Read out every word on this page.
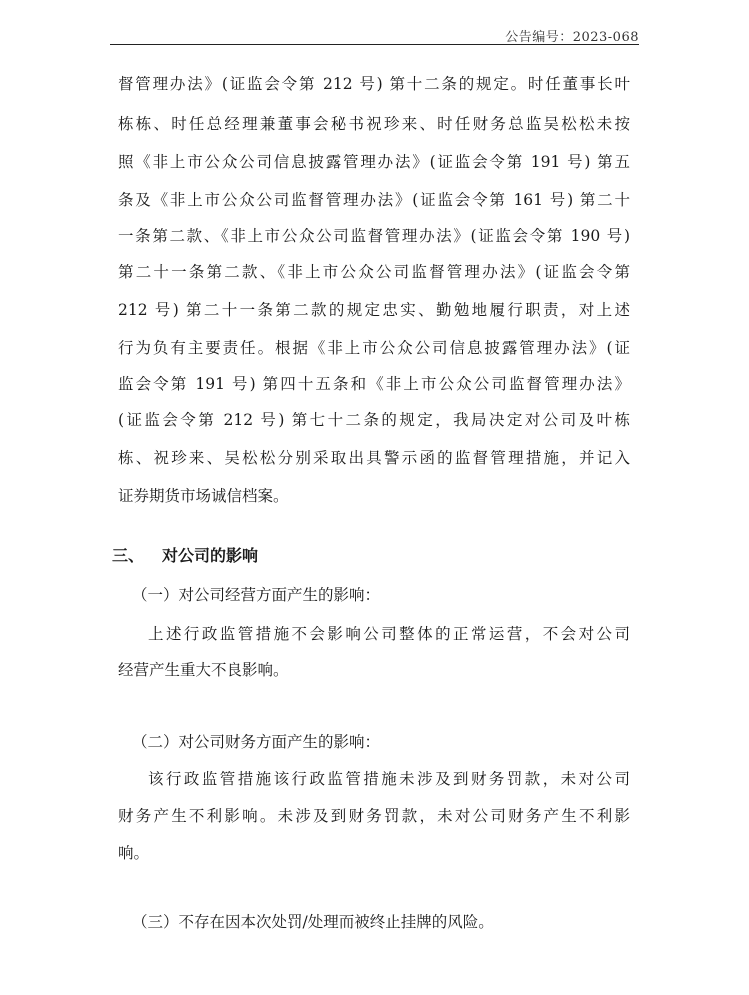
公告编号：2023-068
督管理办法》(证监会令第 212 号) 第十二条的规定。时任董事长叶
栋栋、时任总经理兼董事会秘书祝珍来、时任财务总监吴松松未按
照《非上市公众公司信息披露管理办法》(证监会令第 191 号) 第五
条及《非上市公众公司监督管理办法》(证监会令第 161 号) 第二十
一条第二款、《非上市公众公司监督管理办法》(证监会令第 190 号)
第二十一条第二款、《非上市公众公司监督管理办法》(证监会令第
212 号) 第二十一条第二款的规定忠实、勤勉地履行职责，对上述
行为负有主要责任。根据《非上市公众公司信息披露管理办法》(证
监会令第 191 号) 第四十五条和《非上市公众公司监督管理办法》
(证监会令第 212 号) 第七十二条的规定，我局决定对公司及叶栋
栋、祝珍来、吴松松分别采取出具警示函的监督管理措施，并记入
证券期货市场诚信档案。
三、 对公司的影响
（一）对公司经营方面产生的影响：
上述行政监管措施不会影响公司整体的正常运营，不会对公司
经营产生重大不良影响。
（二）对公司财务方面产生的影响：
该行政监管措施该行政监管措施未涉及到财务罚款，未对公司
财务产生不利影响。未涉及到财务罚款，未对公司财务产生不利影
响。
（三）不存在因本次处罚/处理而被终止挂牌的风险。
